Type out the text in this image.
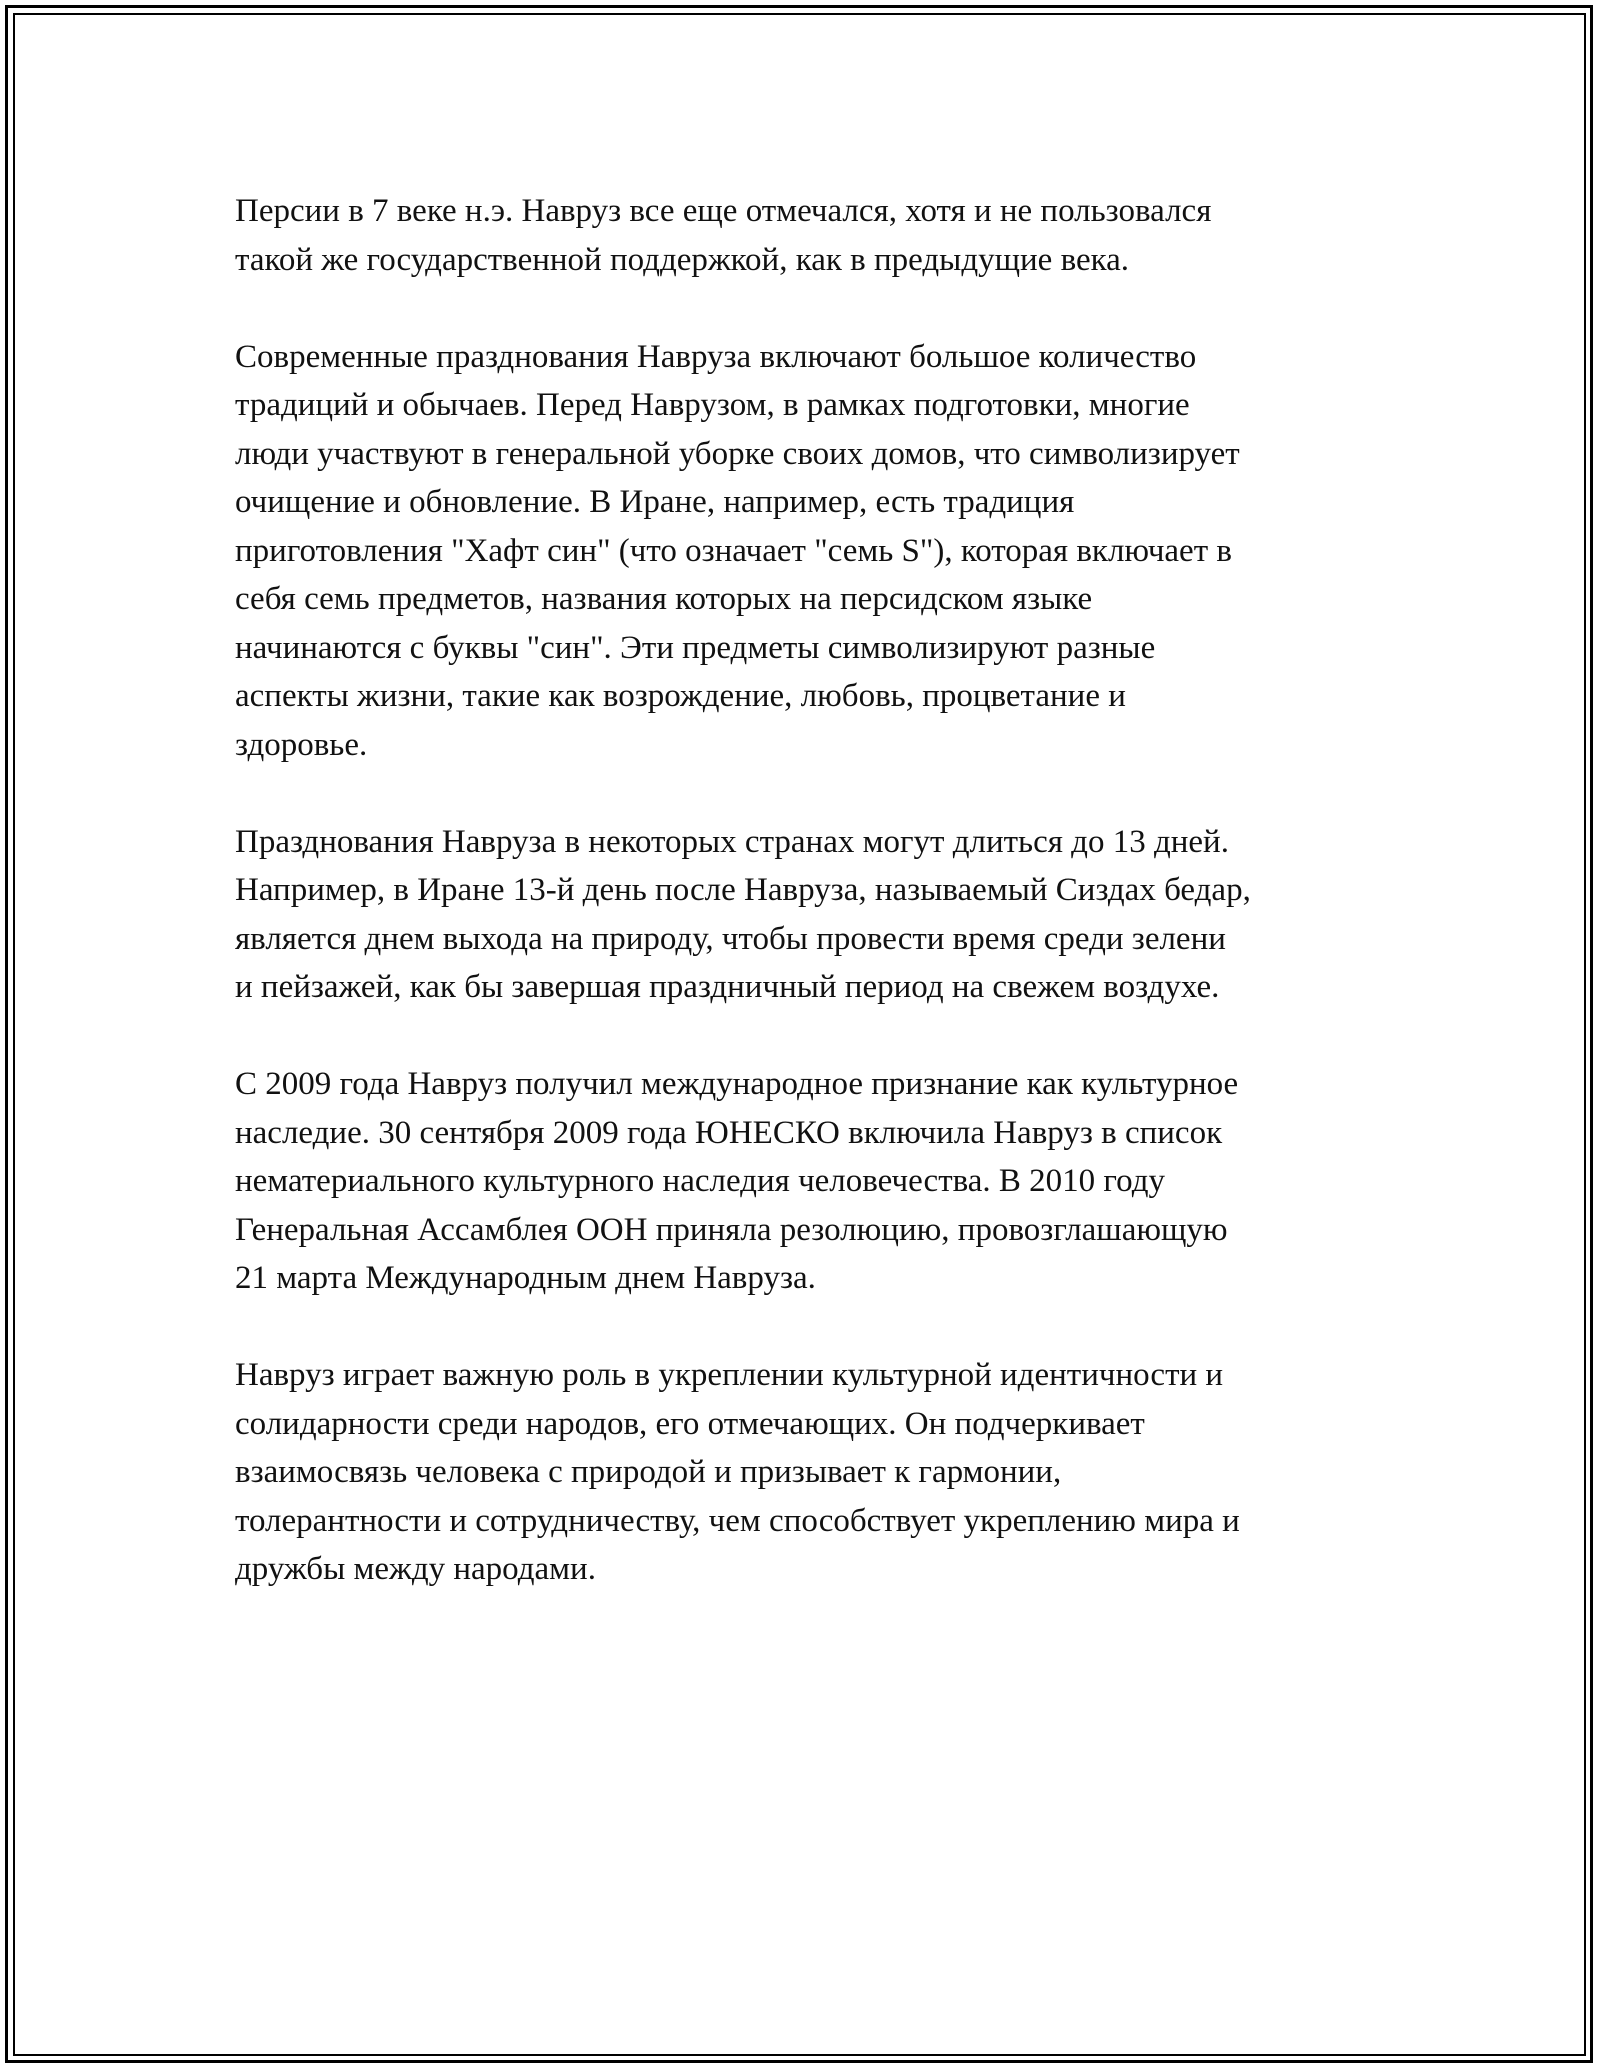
Персии в 7 веке н.э. Навруз все еще отмечался, хотя и не пользовался
такой же государственной поддержкой, как в предыдущие века.

Современные празднования Навруза включают большое количество
традиций и обычаев. Перед Наврузом, в рамках подготовки, многие
люди участвуют в генеральной уборке своих домов, что символизирует
очищение и обновление. В Иране, например, есть традиция
приготовления "Хафт син" (что означает "семь S"), которая включает в
себя семь предметов, названия которых на персидском языке
начинаются с буквы "син". Эти предметы символизируют разные
аспекты жизни, такие как возрождение, любовь, процветание и
здоровье.

Празднования Навруза в некоторых странах могут длиться до 13 дней.
Например, в Иране 13-й день после Навруза, называемый Сиздах бедар,
является днем выхода на природу, чтобы провести время среди зелени
и пейзажей, как бы завершая праздничный период на свежем воздухе.

С 2009 года Навруз получил международное признание как культурное
наследие. 30 сентября 2009 года ЮНЕСКО включила Навруз в список
нематериального культурного наследия человечества. В 2010 году
Генеральная Ассамблея ООН приняла резолюцию, провозглашающую
21 марта Международным днем Навруза.

Навруз играет важную роль в укреплении культурной идентичности и
солидарности среди народов, его отмечающих. Он подчеркивает
взаимосвязь человека с природой и призывает к гармонии,
толерантности и сотрудничеству, чем способствует укреплению мира и
дружбы между народами.
